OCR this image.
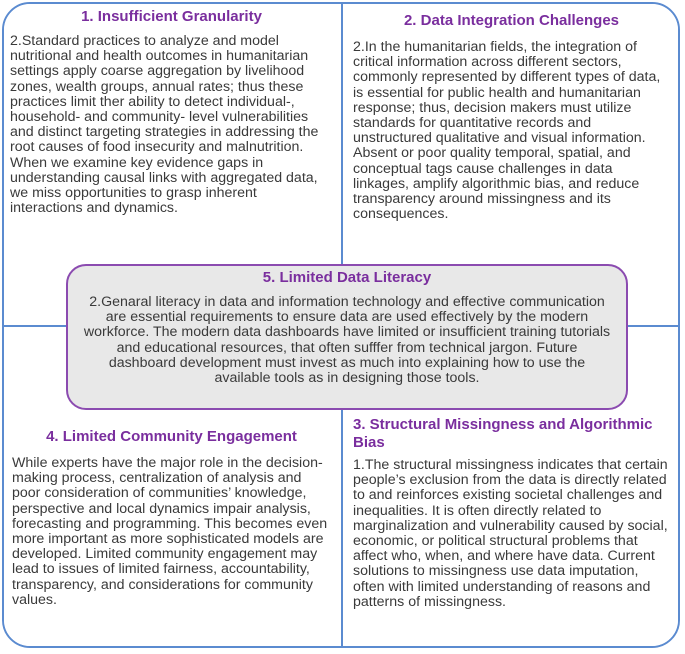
1. Insufficient Granularity
2.Standard practices to analyze and model nutritional and health outcomes in humanitarian settings apply coarse aggregation by livelihood zones, wealth groups, annual rates; thus these practices limit ther ability to detect individual-, household- and community- level vulnerabilities and distinct targeting strategies in addressing the root causes of food insecurity and malnutrition. When we examine key evidence gaps in understanding causal links with aggregated data, we miss opportunities to grasp inherent interactions and dynamics.
2. Data Integration Challenges
2.In the humanitarian fields, the integration of critical information across different sectors, commonly represented by different types of data, is essential for public health and humanitarian response; thus, decision makers must utilize standards for quantitative records and unstructured qualitative and visual information. Absent or poor quality temporal, spatial, and conceptual tags cause challenges in data linkages, amplify algorithmic bias, and reduce transparency around missingness and its consequences.
4. Limited Community Engagement
While experts have the major role in the decision-making process, centralization of analysis and poor consideration of communities’ knowledge, perspective and local dynamics impair analysis, forecasting and programming. This becomes even more important as more sophisticated models are developed. Limited community engagement may lead to issues of limited fairness, accountability, transparency, and considerations for community values.
3. Structural Missingness and Algorithmic Bias
1.The structural missingness indicates that certain people’s exclusion from the data is directly related to and reinforces existing societal challenges and inequalities. It is often directly related to marginalization and vulnerability caused by social, economic, or political structural problems that affect who, when, and where have data. Current solutions to missingness use data imputation, often with limited understanding of reasons and patterns of missingness.
5. Limited Data Literacy
2.Genaral literacy in data and information technology and effective communication are essential requirements to ensure data are used effectively by the modern workforce. The modern data dashboards have limited or insufficient training tutorials and educational resources, that often sufffer from technical jargon. Future dashboard development must invest as much into explaining how to use the available tools as in designing those tools.
